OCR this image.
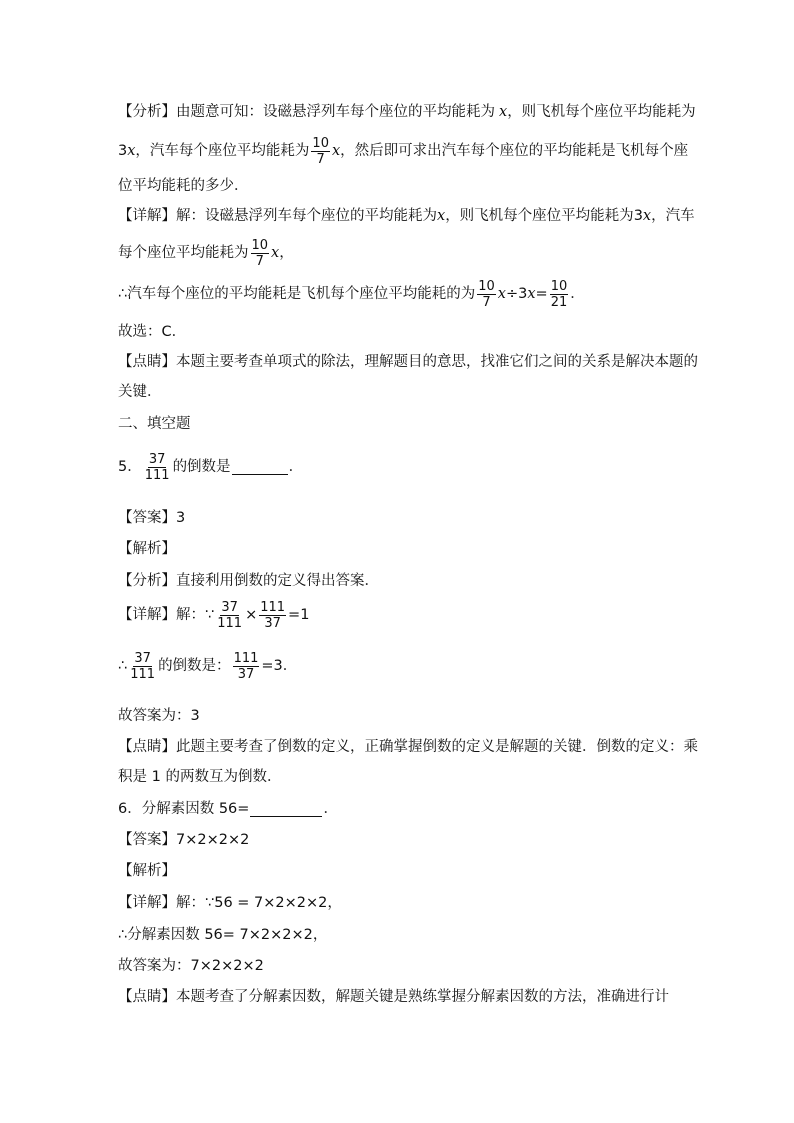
【分析】由题意可知：设磁悬浮列车每个座位的平均能耗为 x ，则飞机每个座位平均能耗为
3 x ，汽车每个座位平均能耗为 $\frac{10}{7}$ x ，然后即可求出汽车每个座位的平均能耗是飞机每个座
位平均能耗的多少．
【详解】解：设磁悬浮列车每个座位的平均能耗为 x ，则飞机每个座位平均能耗为 3 x ，汽车
每个座位平均能耗为 $\frac{10}{7}$ x ，
∴汽车每个座位的平均能耗是飞机每个座位平均能耗的为 $\frac{10}{7}$ x ÷3 $x = \frac{10}{21}$ ．
故选：C．
【点睛】本题主要考查单项式的除法，理解题目的意思，找准它们之间的关系是解决本题的
关键．
二、填空题
5． $\frac{37}{111}$ 的倒数是	．
【答案】3
【解析】
【分析】直接利用倒数的定义得出答案．
【详解】解：∵ $\frac{37}{111} \times \frac{111}{37} =1$
∴ $\frac{37}{111}$ 的倒数是： $\frac{111}{37} =3$．
故答案为：3
【点睛】此题主要考查了倒数的定义，正确掌握倒数的定义是解题的关键．倒数的定义：乘
积是 1 的两数互为倒数．
6．分解素因数 56=	．
【答案】7×2×2×2
【解析】
【详解】解：∵56 = 7×2×2×2，
∴分解素因数 56= 7×2×2×2，
故答案为：7×2×2×2
【点睛】本题考查了分解素因数，解题关键是熟练掌握分解素因数的方法，准确进行计
